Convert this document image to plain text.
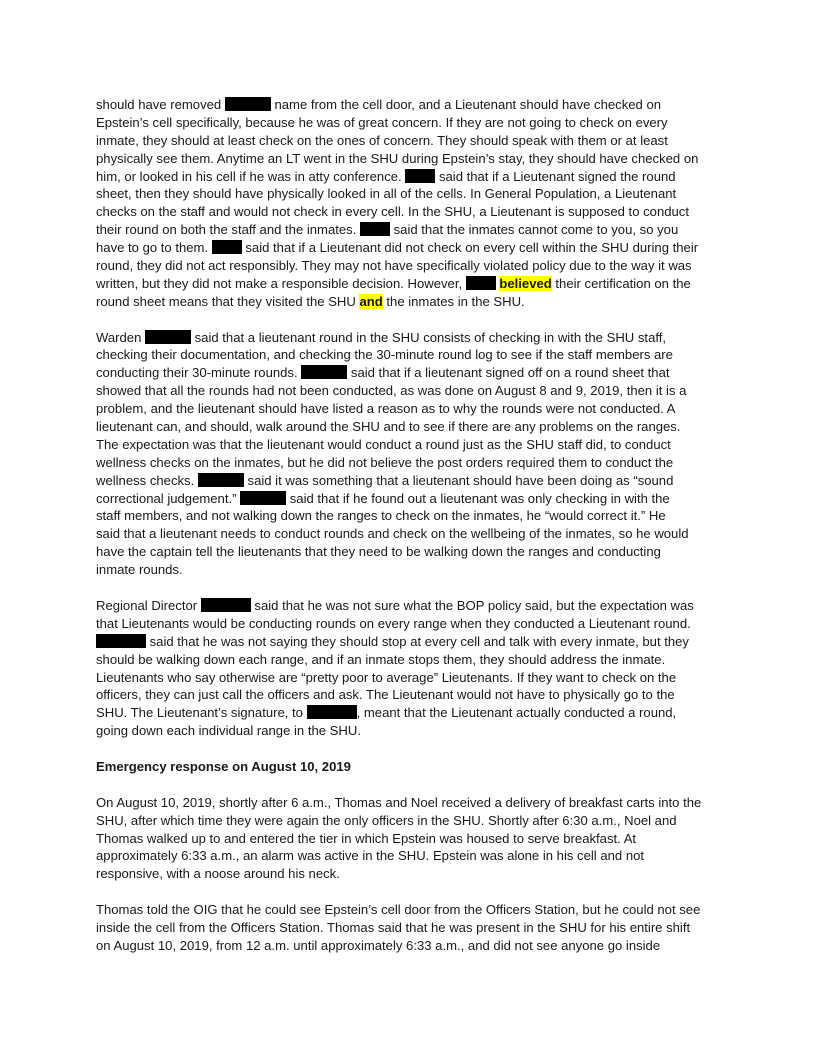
should have removed	name from the cell door, and a Lieutenant should have checked on
Epstein’s cell specifically, because he was of great concern. If they are not going to check on every
inmate, they should at least check on the ones of concern. They should speak with them or at least
physically see them. Anytime an LT went in the SHU during Epstein’s stay, they should have checked on
him, or looked in his cell if he was in atty conference.  said that if a Lieutenant signed the round
sheet, then they should have physically looked in all of the cells. In General Population, a Lieutenant
checks on the staff and would not check in every cell. In the SHU, a Lieutenant is supposed to conduct
their round on both the staff and the inmates.  said that the inmates cannot come to you, so you
have to go to them.  said that if a Lieutenant did not check on every cell within the SHU during their
round, they did not act responsibly. They may not have specifically violated policy due to the way it was
written, but they did not make a responsible decision. However,	believed their certification on the
round sheet means that they visited the SHU and the inmates in the SHU.
Warden	said that a lieutenant round in the SHU consists of checking in with the SHU staff,
checking their documentation, and checking the 30-minute round log to see if the staff members are
conducting their 30-minute rounds.	said that if a lieutenant signed off on a round sheet that
showed that all the rounds had not been conducted, as was done on August 8 and 9, 2019, then it is a
problem, and the lieutenant should have listed a reason as to why the rounds were not conducted. A
lieutenant can, and should, walk around the SHU and to see if there are any problems on the ranges.
The expectation was that the lieutenant would conduct a round just as the SHU staff did, to conduct
wellness checks on the inmates, but he did not believe the post orders required them to conduct the
wellness checks.	said it was something that a lieutenant should have been doing as “sound
correctional judgement.”	said that if he found out a lieutenant was only checking in with the
staff members, and not walking down the ranges to check on the inmates, he “would correct it.” He
said that a lieutenant needs to conduct rounds and check on the wellbeing of the inmates, so he would
have the captain tell the lieutenants that they need to be walking down the ranges and conducting
inmate rounds.
Regional Director	said that he was not sure what the BOP policy said, but the expectation was
that Lieutenants would be conducting rounds on every range when they conducted a Lieutenant round.
said that he was not saying they should stop at every cell and talk with every inmate, but they
should be walking down each range, and if an inmate stops them, they should address the inmate.
Lieutenants who say otherwise are “pretty poor to average” Lieutenants. If they want to check on the
officers, they can just call the officers and ask. The Lieutenant would not have to physically go to the
SHU. The Lieutenant’s signature, to	, meant that the Lieutenant actually conducted a round,
going down each individual range in the SHU.
Emergency response on August 10, 2019
On August 10, 2019, shortly after 6 a.m., Thomas and Noel received a delivery of breakfast carts into the
SHU, after which time they were again the only officers in the SHU. Shortly after 6:30 a.m., Noel and
Thomas walked up to and entered the tier in which Epstein was housed to serve breakfast. At
approximately 6:33 a.m., an alarm was active in the SHU. Epstein was alone in his cell and not
responsive, with a noose around his neck.
Thomas told the OIG that he could see Epstein’s cell door from the Officers Station, but he could not see
inside the cell from the Officers Station. Thomas said that he was present in the SHU for his entire shift
on August 10, 2019, from 12 a.m. until approximately 6:33 a.m., and did not see anyone go inside
